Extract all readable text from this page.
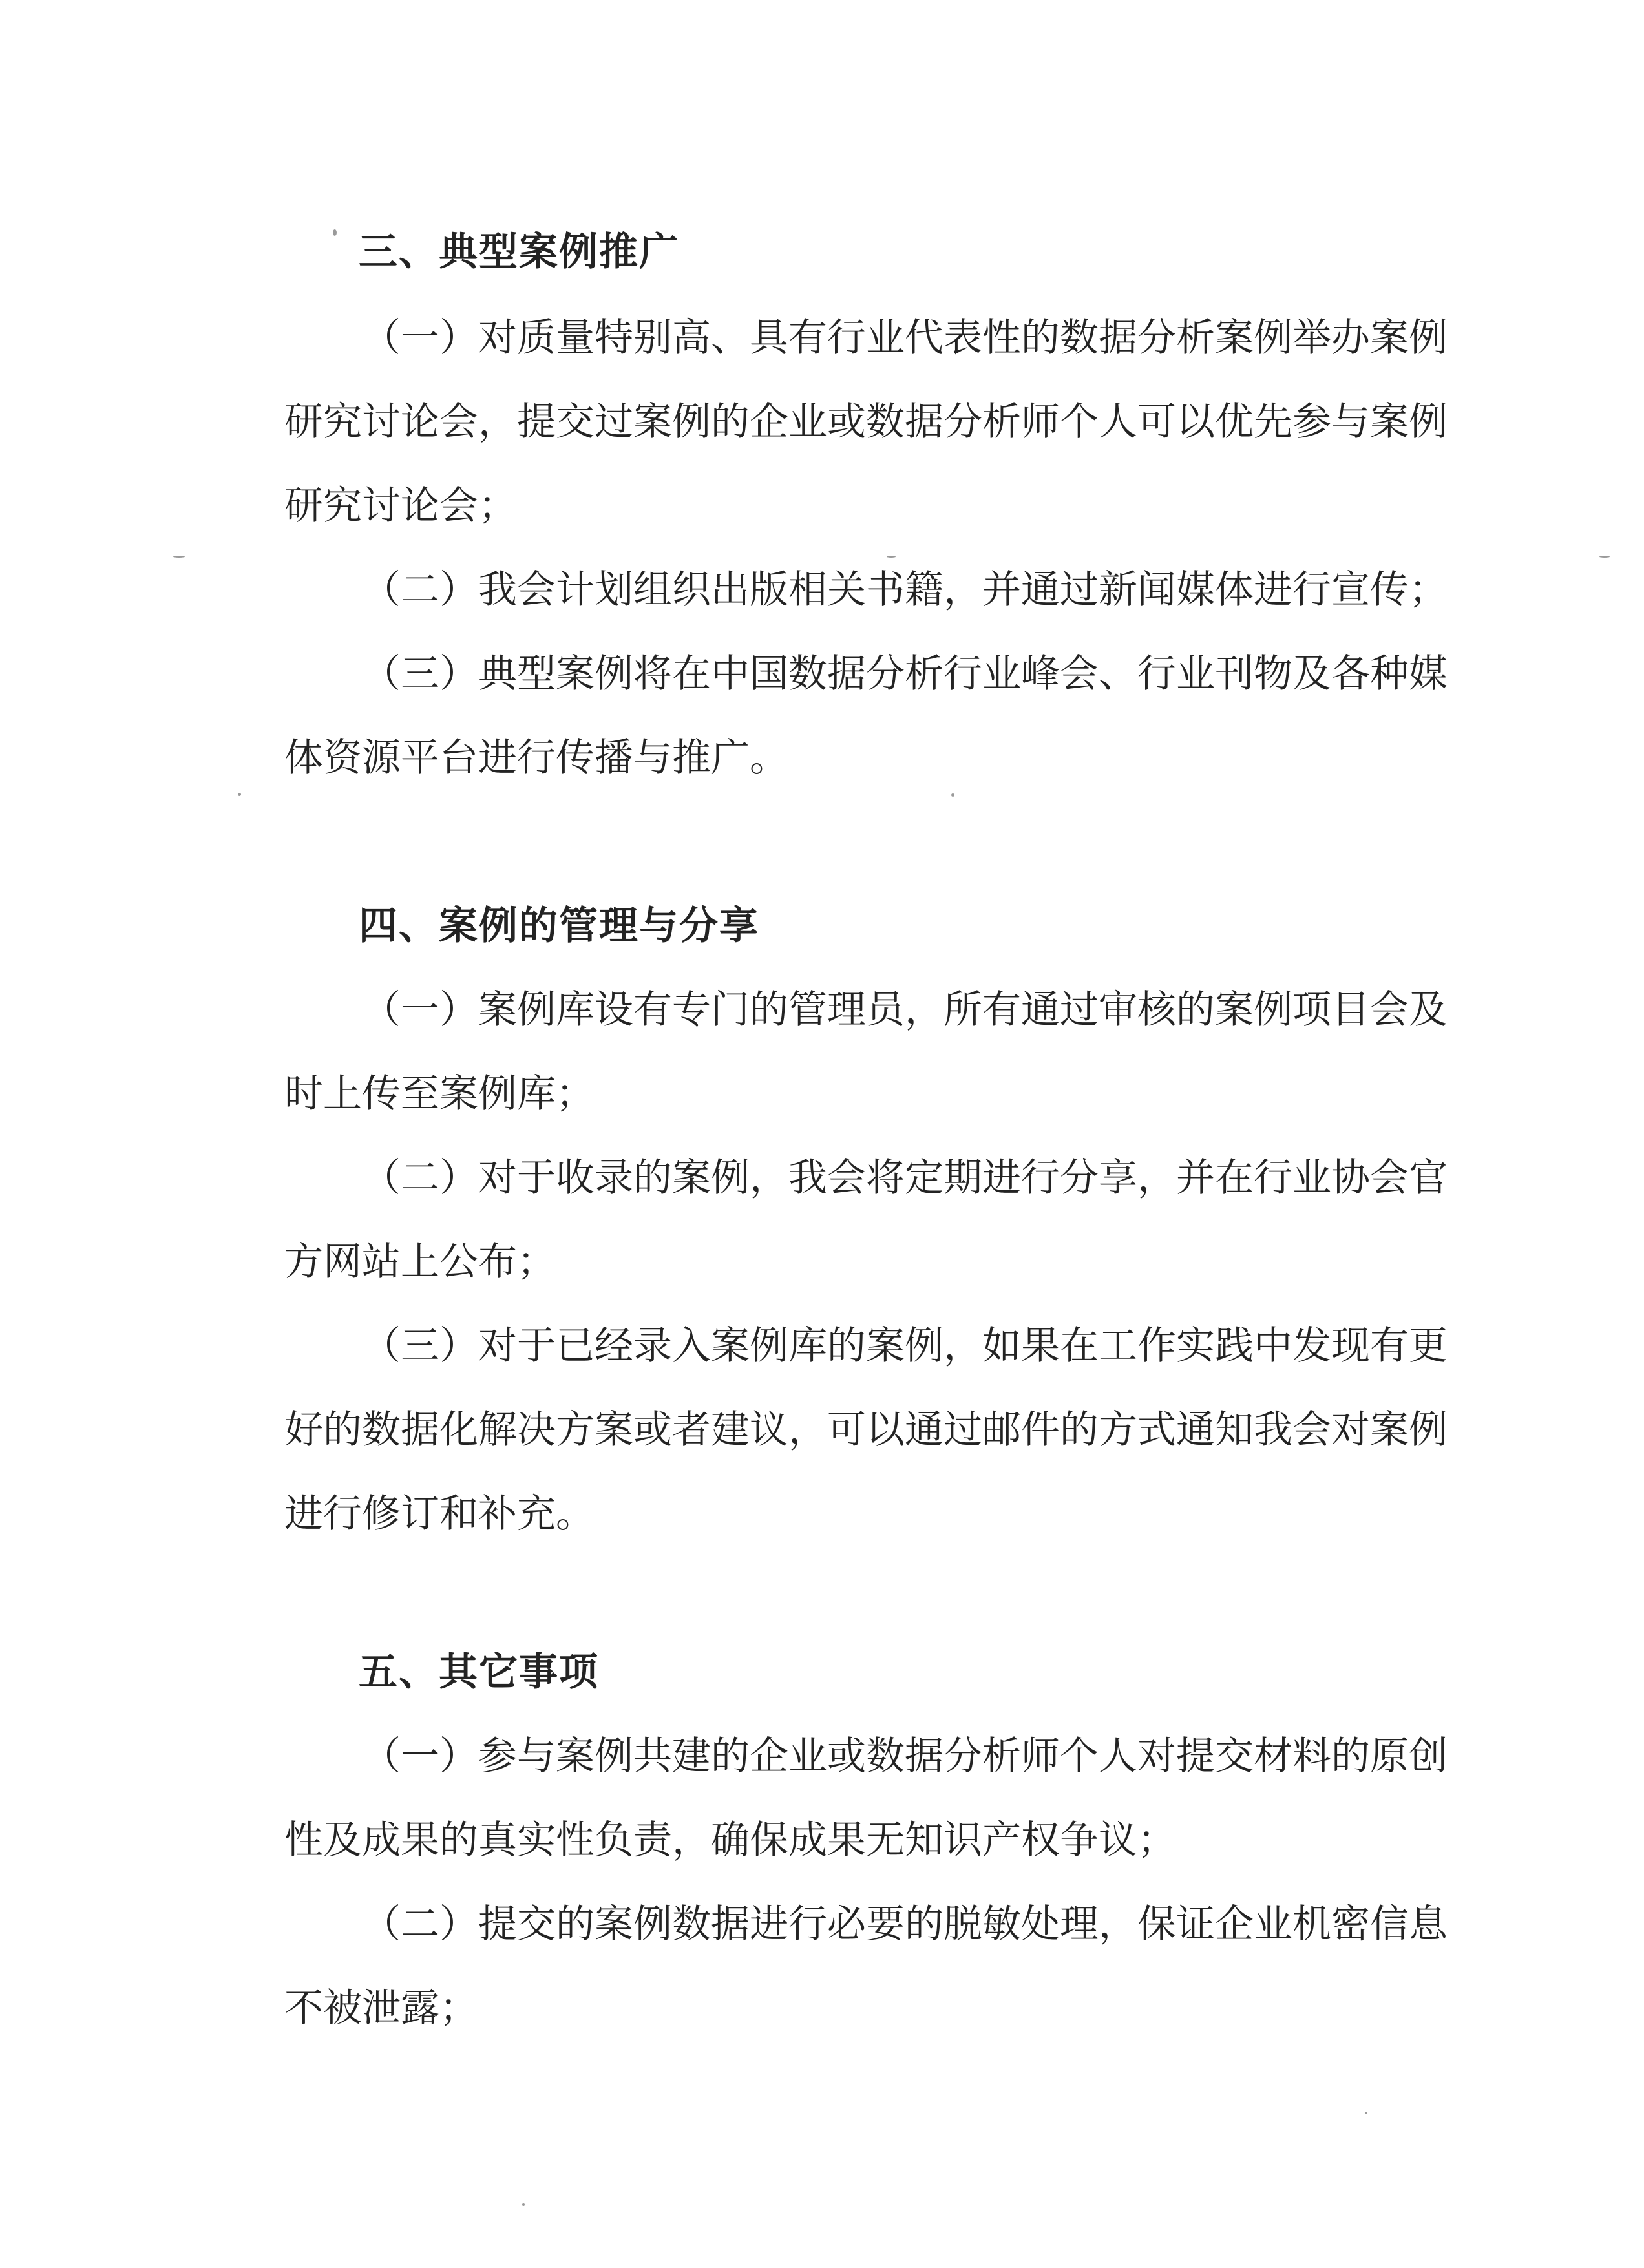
三、典型案例推广
（一）对质量特别高、具有行业代表性的数据分析案例举办案例
研究讨论会，提交过案例的企业或数据分析师个人可以优先参与案例
研究讨论会；
（二）我会计划组织出版相关书籍，并通过新闻媒体进行宣传；
（三）典型案例将在中国数据分析行业峰会、行业刊物及各种媒
体资源平台进行传播与推广。
四、案例的管理与分享
（一）案例库设有专门的管理员，所有通过审核的案例项目会及
时上传至案例库；
（二）对于收录的案例，我会将定期进行分享，并在行业协会官
方网站上公布；
（三）对于已经录入案例库的案例，如果在工作实践中发现有更
好的数据化解决方案或者建议，可以通过邮件的方式通知我会对案例
进行修订和补充。
五、其它事项
（一）参与案例共建的企业或数据分析师个人对提交材料的原创
性及成果的真实性负责，确保成果无知识产权争议；
（二）提交的案例数据进行必要的脱敏处理，保证企业机密信息
不被泄露；
